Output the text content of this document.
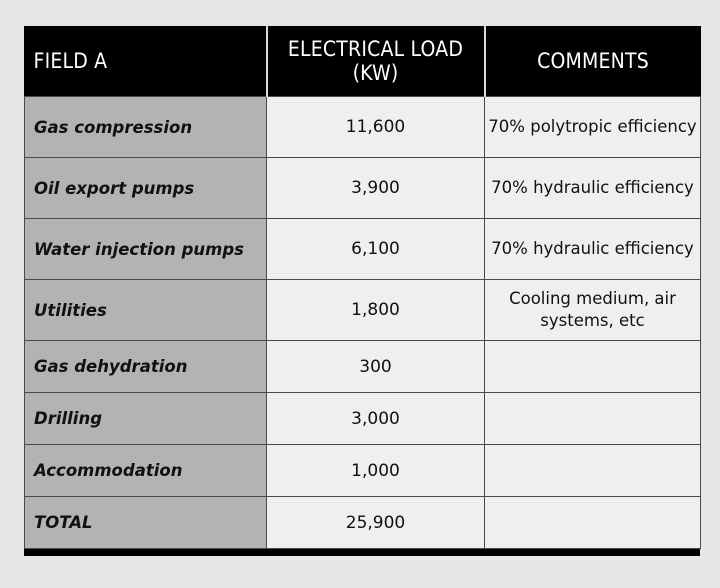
FIELD A	ELECTRICAL LOAD (KW)	COMMENTS
Gas compression	11,600	70% polytropic efficiency
Oil export pumps	3,900	70% hydraulic efficiency
Water injection pumps	6,100	70% hydraulic efficiency
Utilities	1,800	Cooling medium, air systems, etc
Gas dehydration	300	
Drilling	3,000	
Accommodation	1,000	
TOTAL	25,900	
